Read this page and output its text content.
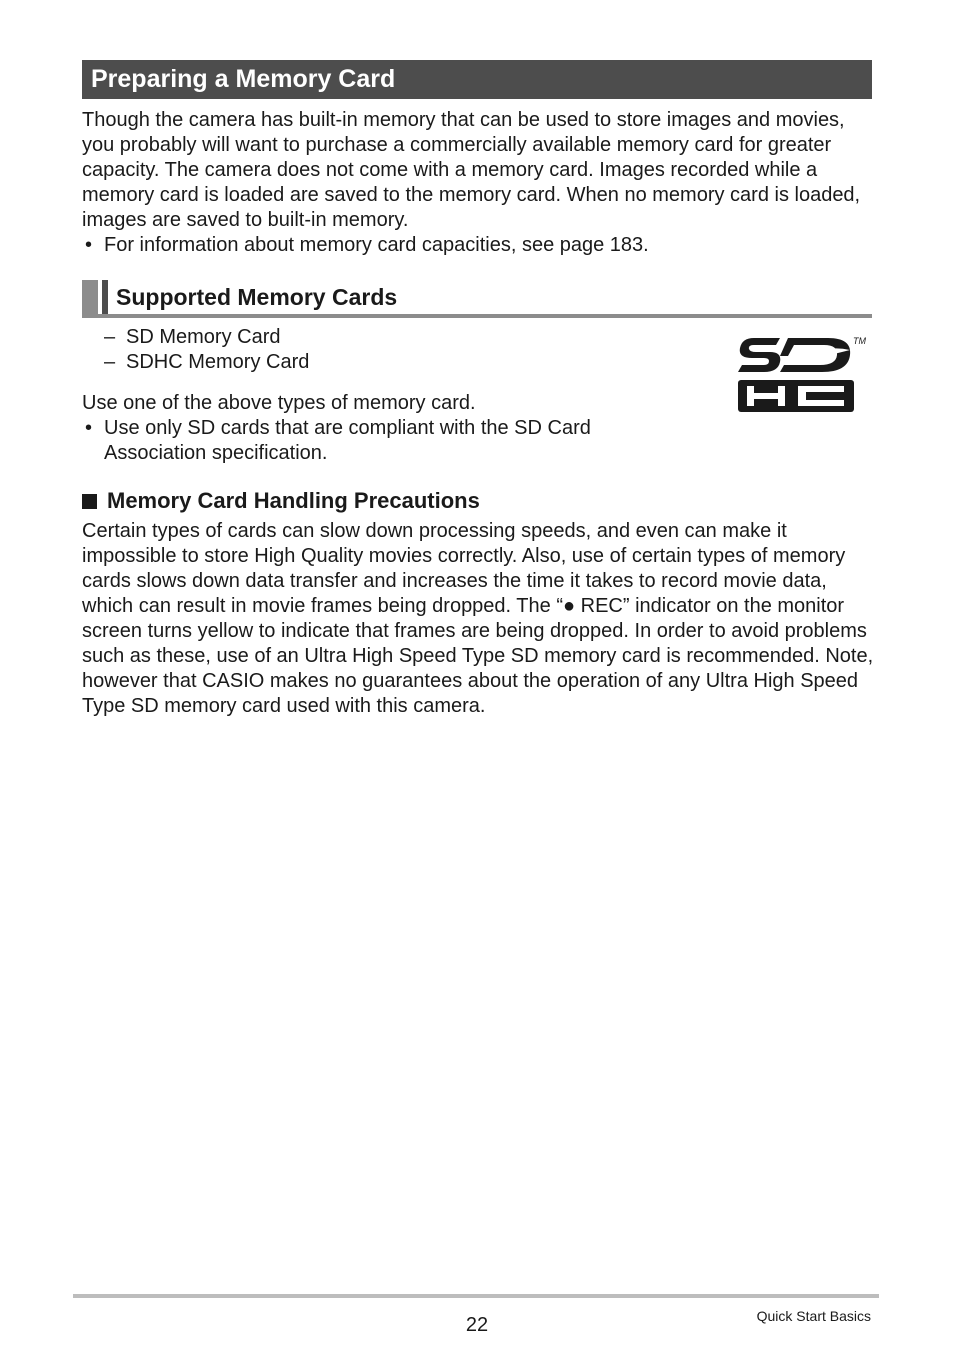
Preparing a Memory Card

Though the camera has built-in memory that can be used to store images and movies, you probably will want to purchase a commercially available memory card for greater capacity. The camera does not come with a memory card. Images recorded while a memory card is loaded are saved to the memory card. When no memory card is loaded, images are saved to built-in memory.

• For information about memory card capacities, see page 183.
Supported Memory Cards
– SD Memory Card
– SDHC Memory Card

Use one of the above types of memory card.

• Use only SD cards that are compliant with the SD Card Association specification.
TM
Memory Card Handling Precautions

Certain types of cards can slow down processing speeds, and even can make it impossible to store High Quality movies correctly. Also, use of certain types of memory cards slows down data transfer and increases the time it takes to record movie data, which can result in movie frames being dropped. The “● REC” indicator on the monitor screen turns yellow to indicate that frames are being dropped. In order to avoid problems such as these, use of an Ultra High Speed Type SD memory card is recommended. Note, however that CASIO makes no guarantees about the operation of any Ultra High Speed Type SD memory card used with this camera.

22	Quick Start Basics
